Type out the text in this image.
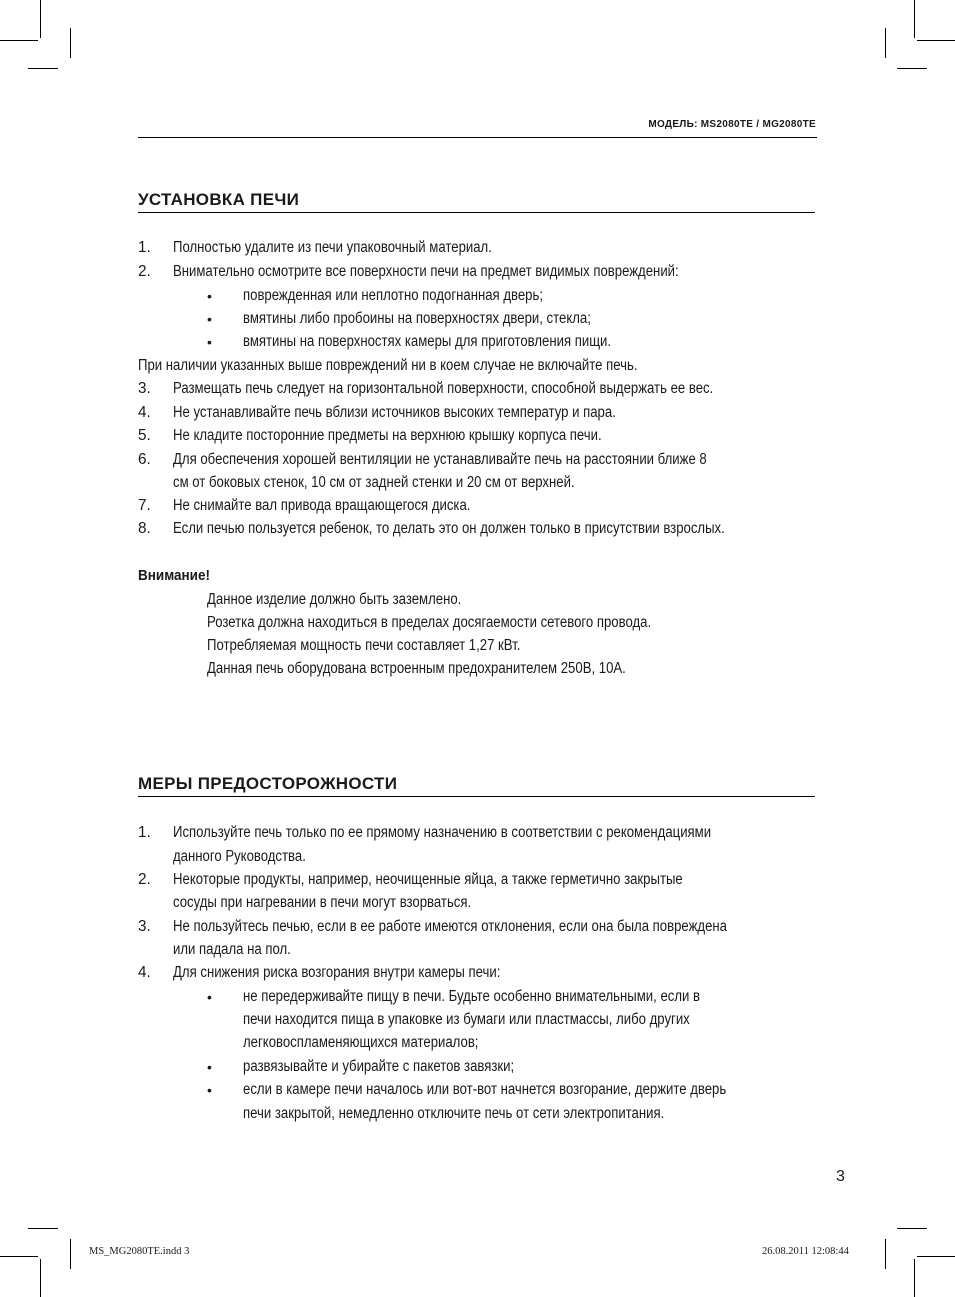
МОДЕЛЬ: MS2080TE / MG2080TE
УСТАНОВКА ПЕЧИ
1. Полностью удалите из печи упаковочный материал.
2. Внимательно осмотрите все поверхности печи на предмет видимых повреждений:
• поврежденная или неплотно подогнанная дверь;
• вмятины либо пробоины на поверхностях двери, стекла;
• вмятины на поверхностях камеры для приготовления пищи.
При наличии указанных выше повреждений ни в коем случае не включайте печь.
3. Размещать печь следует на горизонтальной поверхности, способной выдержать ее вес.
4. Не устанавливайте печь вблизи источников высоких температур и пара.
5. Не кладите посторонние предметы на верхнюю крышку корпуса печи.
6. Для обеспечения хорошей вентиляции не устанавливайте печь на расстоянии ближе 8
см от боковых стенок, 10 см от задней стенки и 20 см от верхней.
7. Не снимайте вал привода вращающегося диска.
8. Если печью пользуется ребенок, то делать это он должен только в присутствии взрослых.
Внимание!
Данное изделие должно быть заземлено.
Розетка должна находиться в пределах досягаемости сетевого провода.
Потребляемая мощность печи составляет 1,27 кВт.
Данная печь оборудована встроенным предохранителем 250В, 10А.
МЕРЫ ПРЕДОСТОРОЖНОСТИ
1. Используйте печь только по ее прямому назначению в соответствии с рекомендациями
данного Руководства.
2. Некоторые продукты, например, неочищенные яйца, а также герметично закрытые
сосуды при нагревании в печи могут взорваться.
3. Не пользуйтесь печью, если в ее работе имеются отклонения, если она была повреждена
или падала на пол.
4. Для снижения риска возгорания внутри камеры печи:
• не передерживайте пищу в печи. Будьте особенно внимательными, если в
печи находится пища в упаковке из бумаги или пластмассы, либо других
легковоспламеняющихся материалов;
• развязывайте и убирайте с пакетов завязки;
• если в камере печи началось или вот-вот начнется возгорание, держите дверь
печи закрытой, немедленно отключите печь от сети электропитания.
3
MS_MG2080TE.indd 3	26.08.2011 12:08:44
